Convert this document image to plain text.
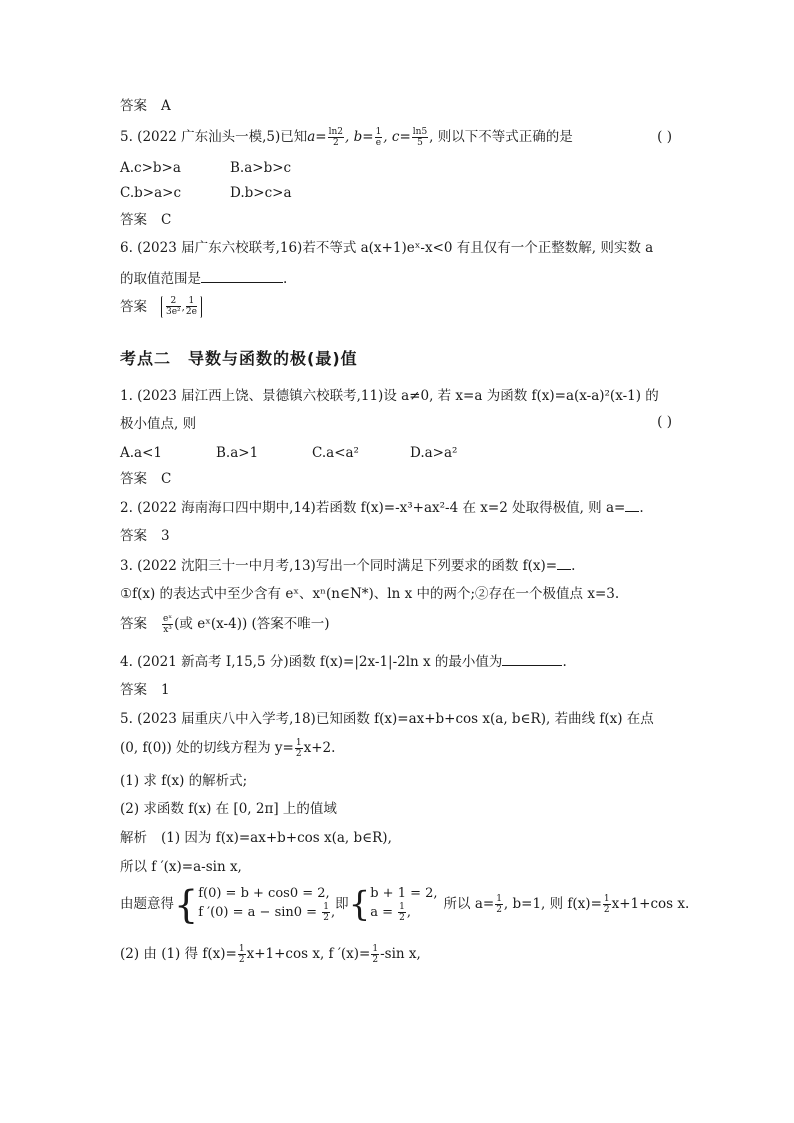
答案 A
5. (2022 广东汕头一模,5)已知$a= \frac{\ln 2}{2}$ , $b= \frac{1}{e}$ , $c= \frac{\ln 5}{5}$ , 则以下不等式正确的是	( )
A.c>b>a	B.a>b>c
C.b>a>c	D.b>c>a
答案 C
6. (2023 届广东六校联考,16)若不等式 a(x+1)eˣ-x<0 有且仅有一个正整数解, 则实数 a
的取值范围是	.
答案 $\frac{2}{\text{3e²}}$ , $\frac{1}{2e}$
考点二　导数与函数的极(最)值
1. (2023 届江西上饶、景德镇六校联考,11)设 a≠0, 若 x=a 为函数 f(x)=a(x-a)²(x-1) 的
极小值点, 则	( )
A.a<1	B.a>1	C.a<a²	D.a>a²
答案 C
2. (2022 海南海口四中期中,14)若函数 f(x)=-x³+ax²-4 在 x=2 处取得极值, 则 a= .
答案 3
3. (2022 沈阳三十一中月考,13)写出一个同时满足下列要求的函数 f(x)= .
①f(x) 的表达式中至少含有 eˣ、xⁿ(n∈N*)、ln x 中的两个;②存在一个极值点 x=3.
答案 $\frac{\text{eˣ}}{\text{x³}}$ (或 eˣ(x-4)) (答案不唯一)
4. (2021 新高考 I,15,5 分)函数 f(x)=|2x-1|-2ln x 的最小值为	.
答案 1
5. (2023 届重庆八中入学考,18)已知函数 f(x)=ax+b+cos x(a, b∈R), 若曲线 f(x) 在点
(0, f(0)) 处的切线方程为 $y= \frac{1}{2} x+2$.
(1) 求 f(x) 的解析式;
(2) 求函数 f(x) 在 [0, 2π] 上的值域
解析 (1) 因为 f(x)=ax+b+cos x(a, b∈R),
所以 f ′(x)=a-sin x,
由题意得{ f(0) = b + cos0 = 2,
f $'(0) = a - \sin 0 = \frac{1}{2}$ ,
即{ b + 1 = 2,
$a = \frac{1}{2}$ ,
所以 $a= \frac{1}{2}$ , b=1, 则 $f(x)= \frac{1}{2} x+1+\cos$ x.
(2) 由 (1) 得 $f(x)= \frac{1}{2} x+1+\cos$ x, f $'(x)= \frac{1}{2} -\sin$ x,
